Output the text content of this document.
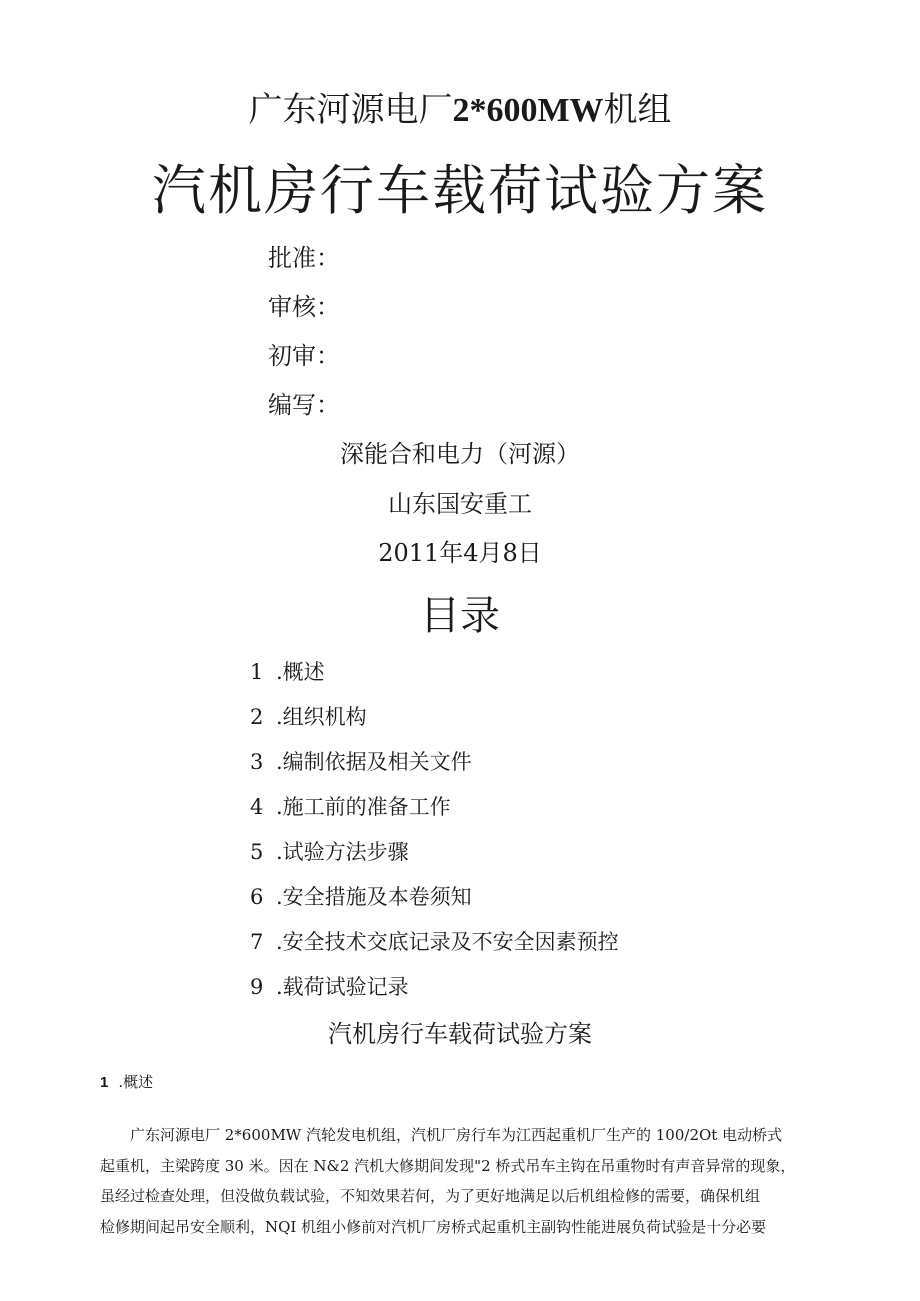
广东河源电厂2*600MW机组
汽机房行车载荷试验方案
批准：
审核：
初审：
编写：
深能合和电力（河源）
山东国安重工
2011年4月8日
目录
1 .概述
2 .组织机构
3 .编制依据及相关文件
4 .施工前的准备工作
5 .试验方法步骤
6 .安全措施及本卷须知
7 .安全技术交底记录及不安全因素预控
9 .载荷试验记录
汽机房行车载荷试验方案
1 .概述
广东河源电厂 2*600MW 汽轮发电机组，汽机厂房行车为江西起重机厂生产的 100/2Ot 电动桥式
起重机，主梁跨度 30 米。因在 N&2 汽机大修期间发现"2 桥式吊车主钩在吊重物时有声音异常的现象，
虽经过检查处理，但没做负载试验，不知效果若何，为了更好地满足以后机组检修的需要，确保机组
检修期间起吊安全顺利，NQI 机组小修前对汽机厂房桥式起重机主副钩性能进展负荷试验是十分必要
